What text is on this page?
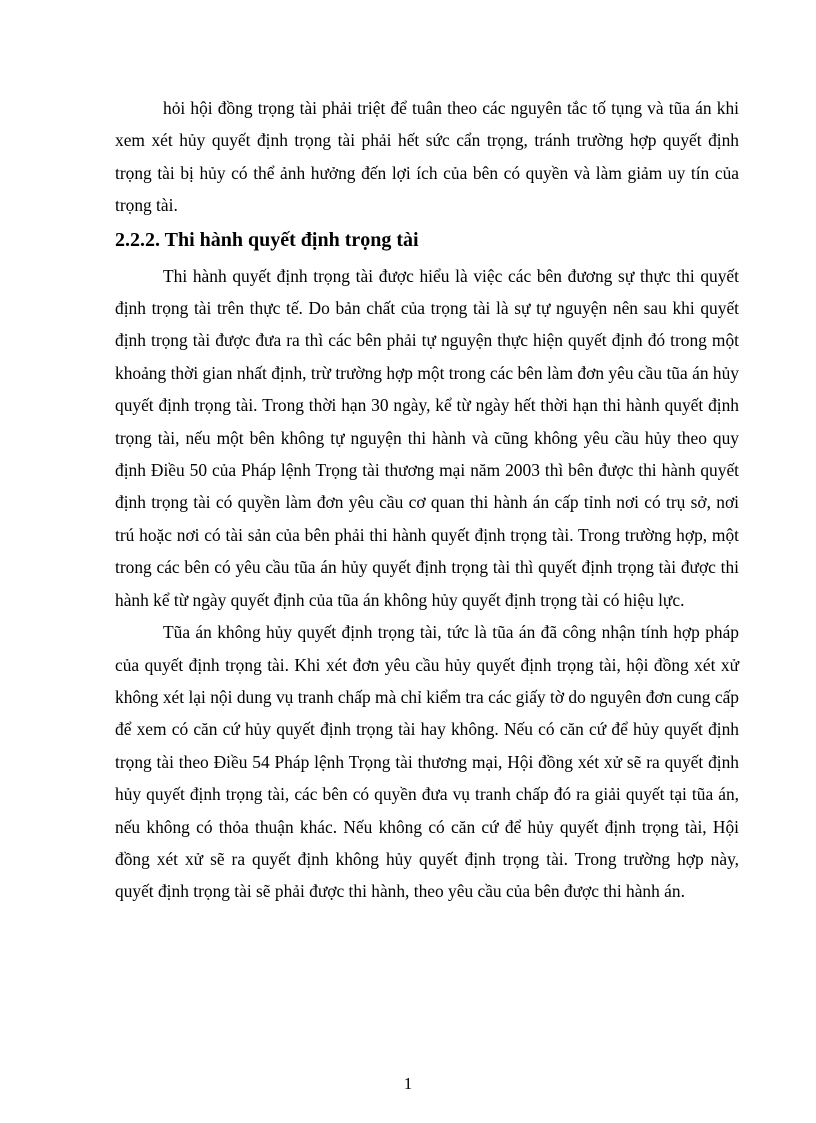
hỏi hội đồng trọng tài phải triệt để tuân theo các nguyên tắc tố tụng và tũa án khi xem xét hủy quyết định trọng tài phải hết sức cẩn trọng, tránh trường hợp quyết định trọng tài bị hủy có thể ảnh hưởng đến lợi ích của bên có quyền và làm giảm uy tín của trọng tài.

2.2.2. Thi hành quyết định trọng tài

Thi hành quyết định trọng tài được hiểu là việc các bên đương sự thực thi quyết định trọng tài trên thực tế. Do bản chất của trọng tài là sự tự nguyện nên sau khi quyết định trọng tài được đưa ra thì các bên phải tự nguyện thực hiện quyết định đó trong một khoảng thời gian nhất định, trừ trường hợp một trong các bên làm đơn yêu cầu tũa án hủy quyết định trọng tài. Trong thời hạn 30 ngày, kể từ ngày hết thời hạn thi hành quyết định trọng tài, nếu một bên không tự nguyện thi hành và cũng không yêu cầu hủy theo quy định Điều 50 của Pháp lệnh Trọng tài thương mại năm 2003 thì bên được thi hành quyết định trọng tài có quyền làm đơn yêu cầu cơ quan thi hành án cấp tỉnh nơi có trụ sở, nơi trú hoặc nơi có tài sản của bên phải thi hành quyết định trọng tài. Trong trường hợp, một trong các bên có yêu cầu tũa án hủy quyết định trọng tài thì quyết định trọng tài được thi hành kể từ ngày quyết định của tũa án không hủy quyết định trọng tài có hiệu lực.

Tũa án không hủy quyết định trọng tài, tức là tũa án đã công nhận tính hợp pháp của quyết định trọng tài. Khi xét đơn yêu cầu hủy quyết định trọng tài, hội đồng xét xử không xét lại nội dung vụ tranh chấp mà chỉ kiểm tra các giấy tờ do nguyên đơn cung cấp để xem có căn cứ hủy quyết định trọng tài hay không. Nếu có căn cứ để hủy quyết định trọng tài theo Điều 54 Pháp lệnh Trọng tài thương mại, Hội đồng xét xử sẽ ra quyết định hủy quyết định trọng tài, các bên có quyền đưa vụ tranh chấp đó ra giải quyết tại tũa án, nếu không có thỏa thuận khác. Nếu không có căn cứ để hủy quyết định trọng tài, Hội đồng xét xử sẽ ra quyết định không hủy quyết định trọng tài. Trong trường hợp này, quyết định trọng tài sẽ phải được thi hành, theo yêu cầu của bên được thi hành án.

1
